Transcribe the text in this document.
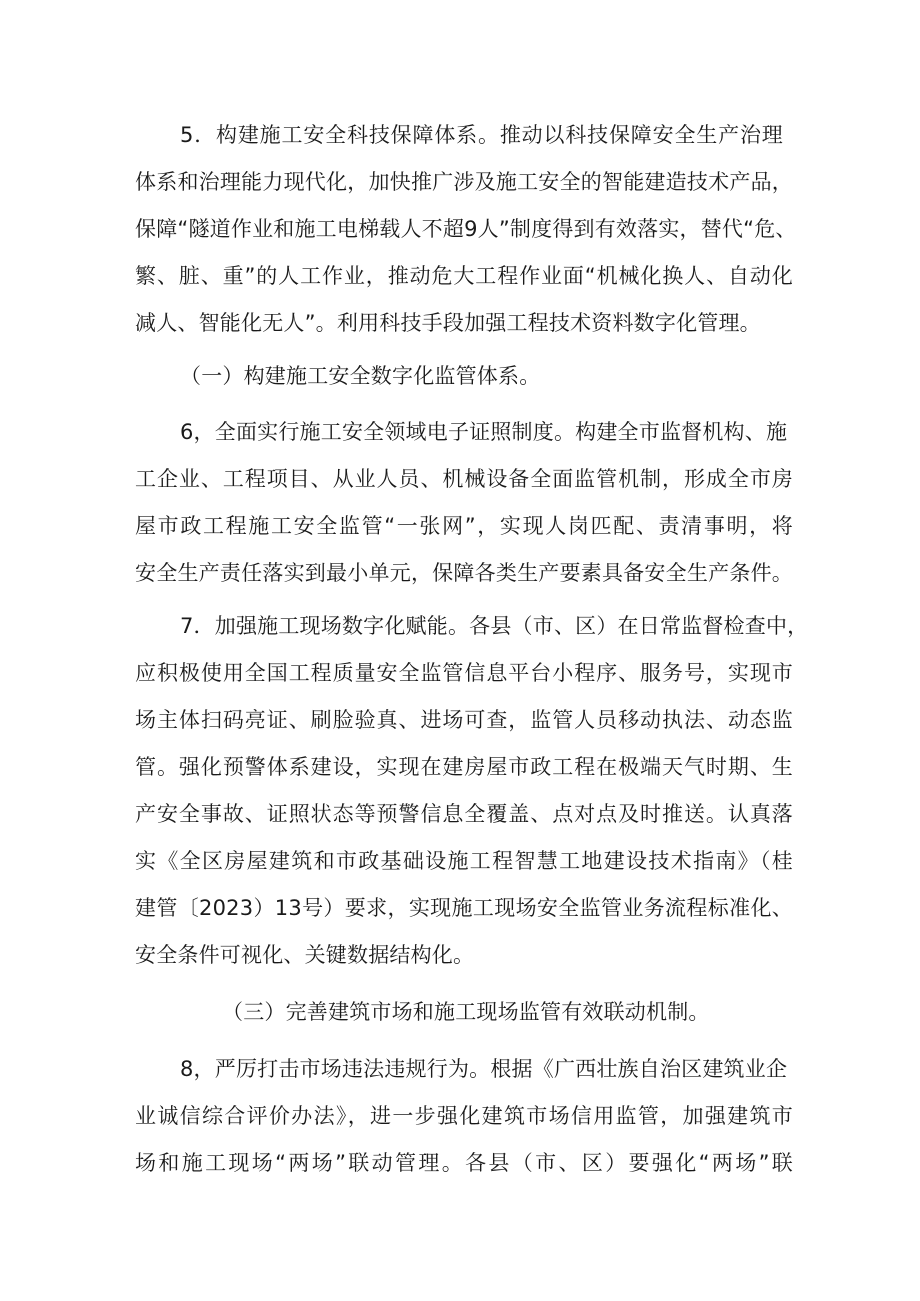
5．构建施工安全科技保障体系。推动以科技保障安全生产治理
体系和治理能力现代化，加快推广涉及施工安全的智能建造技术产品，
保障“隧道作业和施工电梯载人不超9人”制度得到有效落实，替代“危、
繁、脏、重”的人工作业，推动危大工程作业面“机械化换人、自动化
减人、智能化无人”。利用科技手段加强工程技术资料数字化管理。
（一）构建施工安全数字化监管体系。
6，全面实行施工安全领域电子证照制度。构建全市监督机构、施
工企业、工程项目、从业人员、机械设备全面监管机制，形成全市房
屋市政工程施工安全监管“一张网”，实现人岗匹配、责清事明，将
安全生产责任落实到最小单元，保障各类生产要素具备安全生产条件。
7．加强施工现场数字化赋能。各县（市、区）在日常监督检查中，
应积极使用全国工程质量安全监管信息平台小程序、服务号，实现市
场主体扫码亮证、刷脸验真、进场可查，监管人员移动执法、动态监
管。强化预警体系建设，实现在建房屋市政工程在极端天气时期、生
产安全事故、证照状态等预警信息全覆盖、点对点及时推送。认真落
实《全区房屋建筑和市政基础设施工程智慧工地建设技术指南》（桂
建管〔2023）13号）要求，实现施工现场安全监管业务流程标准化、
安全条件可视化、关键数据结构化。
（三）完善建筑市场和施工现场监管有效联动机制。
8，严厉打击市场违法违规行为。根据《广西壮族自治区建筑业企
业诚信综合评价办法》，进一步强化建筑市场信用监管，加强建筑市
场和施工现场“两场”联动管理。各县（市、区）要强化“两场”联
